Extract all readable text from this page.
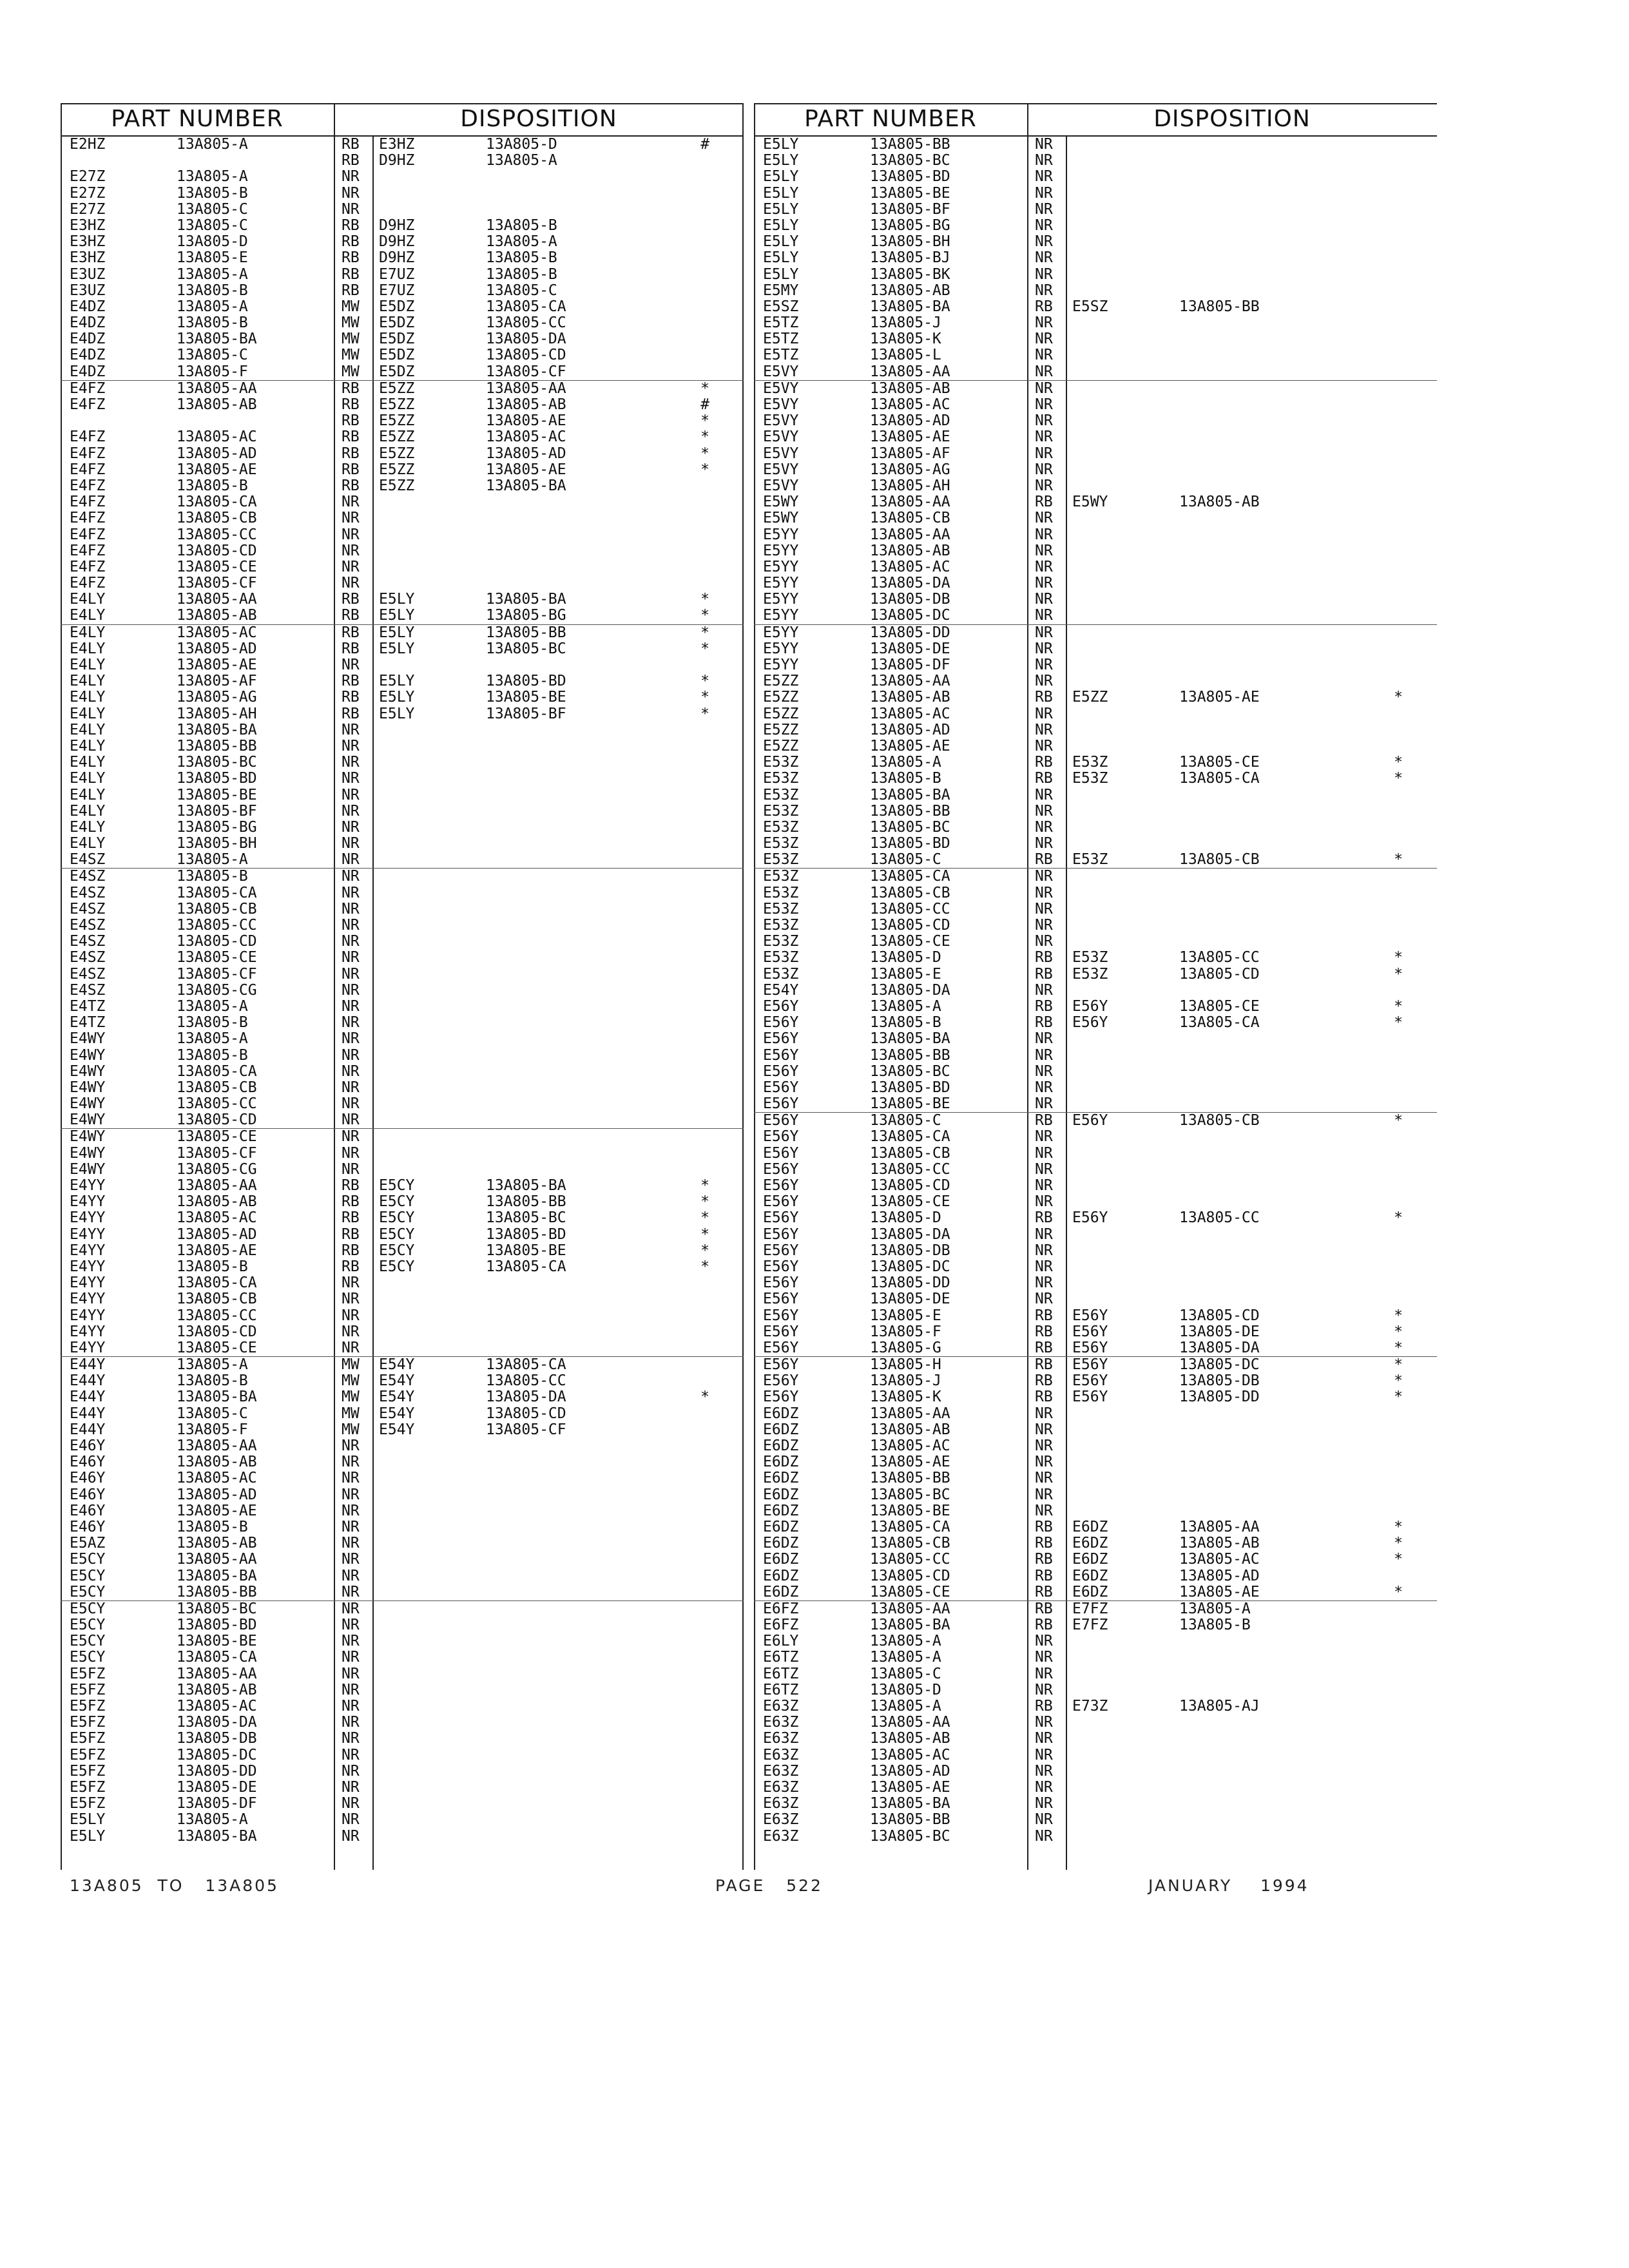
PART NUMBER	DISPOSITION
E2HZ	13A805-A	RB E3HZ	13A805-D	#
RB D9HZ	13A805-A
E27Z	13A805-A	NR
E27Z	13A805-B	NR
E27Z	13A805-C	NR
E3HZ	13A805-C	RB D9HZ	13A805-B
E3HZ	13A805-D	RB D9HZ	13A805-A
E3HZ	13A805-E	RB D9HZ	13A805-B
E3UZ	13A805-A	RB E7UZ	13A805-B
E3UZ	13A805-B	RB E7UZ	13A805-C
E4DZ	13A805-A	MW E5DZ	13A805-CA
E4DZ	13A805-B	MW E5DZ	13A805-CC
E4DZ	13A805-BA	MW E5DZ	13A805-DA
E4DZ	13A805-C	MW E5DZ	13A805-CD
E4DZ	13A805-F	MW E5DZ	13A805-CF
E4FZ	13A805-AA	RB E5ZZ	13A805-AA	*
E4FZ	13A805-AB	RB E5ZZ	13A805-AB	#
RB E5ZZ	13A805-AE	*
E4FZ	13A805-AC	RB E5ZZ	13A805-AC	*
E4FZ	13A805-AD	RB E5ZZ	13A805-AD	*
E4FZ	13A805-AE	RB E5ZZ	13A805-AE	*
E4FZ	13A805-B	RB E5ZZ	13A805-BA
E4FZ	13A805-CA	NR
E4FZ	13A805-CB	NR
E4FZ	13A805-CC	NR
E4FZ	13A805-CD	NR
E4FZ	13A805-CE	NR
E4FZ	13A805-CF	NR
E4LY	13A805-AA	RB E5LY	13A805-BA	*
E4LY	13A805-AB	RB E5LY	13A805-BG	*
E4LY	13A805-AC	RB E5LY	13A805-BB	*
E4LY	13A805-AD	RB E5LY	13A805-BC	*
E4LY	13A805-AE	NR
E4LY	13A805-AF	RB E5LY	13A805-BD	*
E4LY	13A805-AG	RB E5LY	13A805-BE	*
E4LY	13A805-AH	RB E5LY	13A805-BF	*
E4LY	13A805-BA	NR
E4LY	13A805-BB	NR
E4LY	13A805-BC	NR
E4LY	13A805-BD	NR
E4LY	13A805-BE	NR
E4LY	13A805-BF	NR
E4LY	13A805-BG	NR
E4LY	13A805-BH	NR
E4SZ	13A805-A	NR
E4SZ	13A805-B	NR
E4SZ	13A805-CA	NR
E4SZ	13A805-CB	NR
E4SZ	13A805-CC	NR
E4SZ	13A805-CD	NR
E4SZ	13A805-CE	NR
E4SZ	13A805-CF	NR
E4SZ	13A805-CG	NR
E4TZ	13A805-A	NR
E4TZ	13A805-B	NR
E4WY	13A805-A	NR
E4WY	13A805-B	NR
E4WY	13A805-CA	NR
E4WY	13A805-CB	NR
E4WY	13A805-CC	NR
E4WY	13A805-CD	NR
E4WY	13A805-CE	NR
E4WY	13A805-CF	NR
E4WY	13A805-CG	NR
E4YY	13A805-AA	RB E5CY	13A805-BA	*
E4YY	13A805-AB	RB E5CY	13A805-BB	*
E4YY	13A805-AC	RB E5CY	13A805-BC	*
E4YY	13A805-AD	RB E5CY	13A805-BD	*
E4YY	13A805-AE	RB E5CY	13A805-BE	*
E4YY	13A805-B	RB E5CY	13A805-CA	*
E4YY	13A805-CA	NR
E4YY	13A805-CB	NR
E4YY	13A805-CC	NR
E4YY	13A805-CD	NR
E4YY	13A805-CE	NR
E44Y	13A805-A	MW E54Y	13A805-CA
E44Y	13A805-B	MW E54Y	13A805-CC
E44Y	13A805-BA	MW E54Y	13A805-DA	*
E44Y	13A805-C	MW E54Y	13A805-CD
E44Y	13A805-F	MW E54Y	13A805-CF
E46Y	13A805-AA	NR
E46Y	13A805-AB	NR
E46Y	13A805-AC	NR
E46Y	13A805-AD	NR
E46Y	13A805-AE	NR
E46Y	13A805-B	NR
E5AZ	13A805-AB	NR
E5CY	13A805-AA	NR
E5CY	13A805-BA	NR
E5CY	13A805-BB	NR
E5CY	13A805-BC	NR
E5CY	13A805-BD	NR
E5CY	13A805-BE	NR
E5CY	13A805-CA	NR
E5FZ	13A805-AA	NR
E5FZ	13A805-AB	NR
E5FZ	13A805-AC	NR
E5FZ	13A805-DA	NR
E5FZ	13A805-DB	NR
E5FZ	13A805-DC	NR
E5FZ	13A805-DD	NR
E5FZ	13A805-DE	NR
E5FZ	13A805-DF	NR
E5LY	13A805-A	NR
E5LY	13A805-BA	NR
PART NUMBER	DISPOSITION
E5LY	13A805-BB	NR
E5LY	13A805-BC	NR
E5LY	13A805-BD	NR
E5LY	13A805-BE	NR
E5LY	13A805-BF	NR
E5LY	13A805-BG	NR
E5LY	13A805-BH	NR
E5LY	13A805-BJ	NR
E5LY	13A805-BK	NR
E5MY	13A805-AB	NR
E5SZ	13A805-BA	RB E5SZ	13A805-BB
E5TZ	13A805-J	NR
E5TZ	13A805-K	NR
E5TZ	13A805-L	NR
E5VY	13A805-AA	NR
E5VY	13A805-AB	NR
E5VY	13A805-AC	NR
E5VY	13A805-AD	NR
E5VY	13A805-AE	NR
E5VY	13A805-AF	NR
E5VY	13A805-AG	NR
E5VY	13A805-AH	NR
E5WY	13A805-AA	RB E5WY	13A805-AB
E5WY	13A805-CB	NR
E5YY	13A805-AA	NR
E5YY	13A805-AB	NR
E5YY	13A805-AC	NR
E5YY	13A805-DA	NR
E5YY	13A805-DB	NR
E5YY	13A805-DC	NR
E5YY	13A805-DD	NR
E5YY	13A805-DE	NR
E5YY	13A805-DF	NR
E5ZZ	13A805-AA	NR
E5ZZ	13A805-AB	RB E5ZZ	13A805-AE	*
E5ZZ	13A805-AC	NR
E5ZZ	13A805-AD	NR
E5ZZ	13A805-AE	NR
E53Z	13A805-A	RB E53Z	13A805-CE	*
E53Z	13A805-B	RB E53Z	13A805-CA	*
E53Z	13A805-BA	NR
E53Z	13A805-BB	NR
E53Z	13A805-BC	NR
E53Z	13A805-BD	NR
E53Z	13A805-C	RB E53Z	13A805-CB	*
E53Z	13A805-CA	NR
E53Z	13A805-CB	NR
E53Z	13A805-CC	NR
E53Z	13A805-CD	NR
E53Z	13A805-CE	NR
E53Z	13A805-D	RB E53Z	13A805-CC	*
E53Z	13A805-E	RB E53Z	13A805-CD	*
E54Y	13A805-DA	NR
E56Y	13A805-A	RB E56Y	13A805-CE	*
E56Y	13A805-B	RB E56Y	13A805-CA	*
E56Y	13A805-BA	NR
E56Y	13A805-BB	NR
E56Y	13A805-BC	NR
E56Y	13A805-BD	NR
E56Y	13A805-BE	NR
E56Y	13A805-C	RB E56Y	13A805-CB	*
E56Y	13A805-CA	NR
E56Y	13A805-CB	NR
E56Y	13A805-CC	NR
E56Y	13A805-CD	NR
E56Y	13A805-CE	NR
E56Y	13A805-D	RB E56Y	13A805-CC	*
E56Y	13A805-DA	NR
E56Y	13A805-DB	NR
E56Y	13A805-DC	NR
E56Y	13A805-DD	NR
E56Y	13A805-DE	NR
E56Y	13A805-E	RB E56Y	13A805-CD	*
E56Y	13A805-F	RB E56Y	13A805-DE	*
E56Y	13A805-G	RB E56Y	13A805-DA	*
E56Y	13A805-H	RB E56Y	13A805-DC	*
E56Y	13A805-J	RB E56Y	13A805-DB	*
E56Y	13A805-K	RB E56Y	13A805-DD	*
E6DZ	13A805-AA	NR
E6DZ	13A805-AB	NR
E6DZ	13A805-AC	NR
E6DZ	13A805-AE	NR
E6DZ	13A805-BB	NR
E6DZ	13A805-BC	NR
E6DZ	13A805-BE	NR
E6DZ	13A805-CA	RB E6DZ	13A805-AA	*
E6DZ	13A805-CB	RB E6DZ	13A805-AB	*
E6DZ	13A805-CC	RB E6DZ	13A805-AC	*
E6DZ	13A805-CD	RB E6DZ	13A805-AD
E6DZ	13A805-CE	RB E6DZ	13A805-AE	*
E6FZ	13A805-AA	RB E7FZ	13A805-A
E6FZ	13A805-BA	RB E7FZ	13A805-B
E6LY	13A805-A	NR
E6TZ	13A805-A	NR
E6TZ	13A805-C	NR
E6TZ	13A805-D	NR
E63Z	13A805-A	RB E73Z	13A805-AJ
E63Z	13A805-AA	NR
E63Z	13A805-AB	NR
E63Z	13A805-AC	NR
E63Z	13A805-AD	NR
E63Z	13A805-AE	NR
E63Z	13A805-BA	NR
E63Z	13A805-BB	NR
E63Z	13A805-BC	NR
13A805  TO   13A805	PAGE   522	JANUARY    1994
